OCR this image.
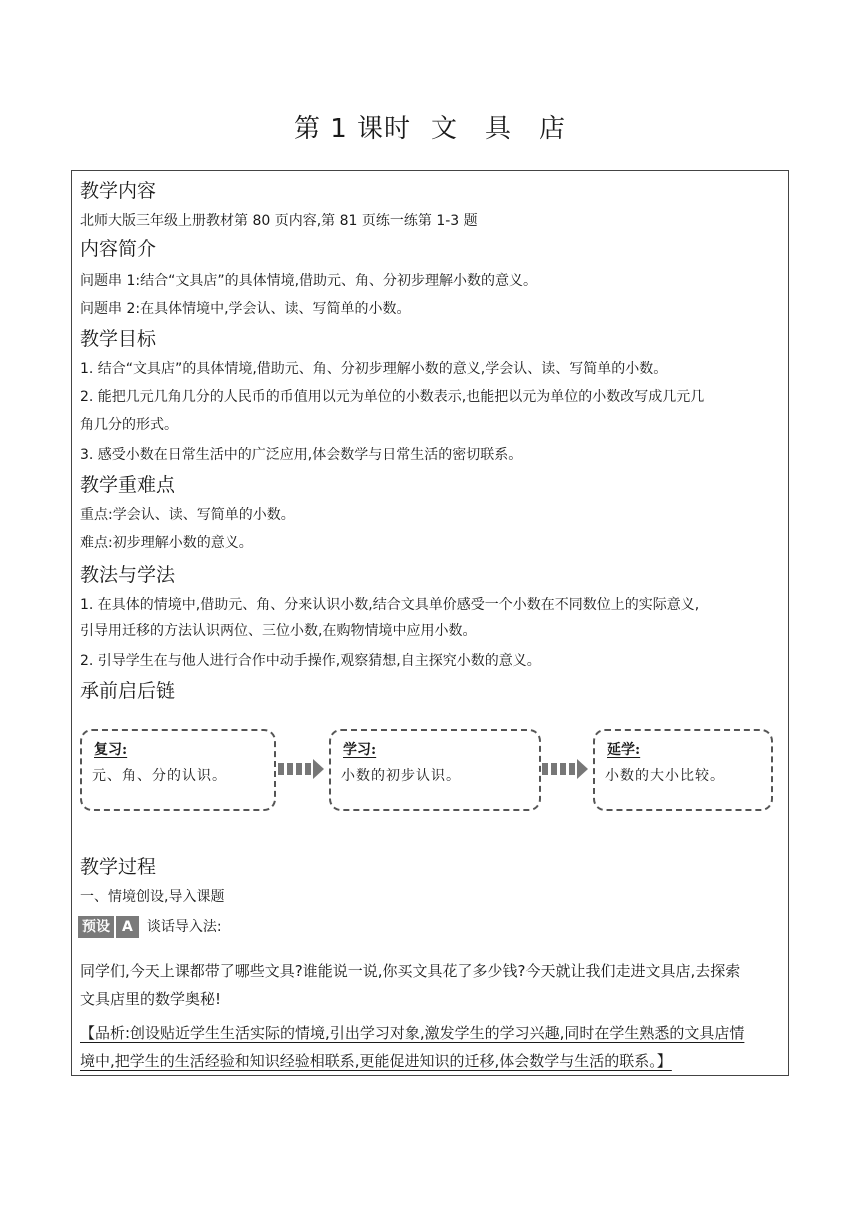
第 1 课时 文　具　店
教学内容
北师大版三年级上册教材第 80 页内容,第 81 页练一练第 1-3 题
内容简介
问题串 1:结合“文具店”的具体情境,借助元、角、分初步理解小数的意义。
问题串 2:在具体情境中,学会认、读、写简单的小数。
教学目标
1. 结合“文具店”的具体情境,借助元、角、分初步理解小数的意义,学会认、读、写简单的小数。
2. 能把几元几角几分的人民币的币值用以元为单位的小数表示,也能把以元为单位的小数改写成几元几
角几分的形式。
3. 感受小数在日常生活中的广泛应用,体会数学与日常生活的密切联系。
教学重难点
重点:学会认、读、写简单的小数。
难点:初步理解小数的意义。
教法与学法
1. 在具体的情境中,借助元、角、分来认识小数,结合文具单价感受一个小数在不同数位上的实际意义,
引导用迁移的方法认识两位、三位小数,在购物情境中应用小数。
2. 引导学生在与他人进行合作中动手操作,观察猜想,自主探究小数的意义。
承前启后链
复习:
元、角、分的认识。
学习:
小数的初步认识。
延学:
小数的大小比较。
教学过程
一、情境创设,导入课题
预设 A	谈话导入法:
同学们,今天上课都带了哪些文具?谁能说一说,你买文具花了多少钱?今天就让我们走进文具店,去探索
文具店里的数学奥秘!
【品析:创设贴近学生生活实际的情境,引出学习对象,激发学生的学习兴趣,同时在学生熟悉的文具店情
境中,把学生的生活经验和知识经验相联系,更能促进知识的迁移,体会数学与生活的联系。】
